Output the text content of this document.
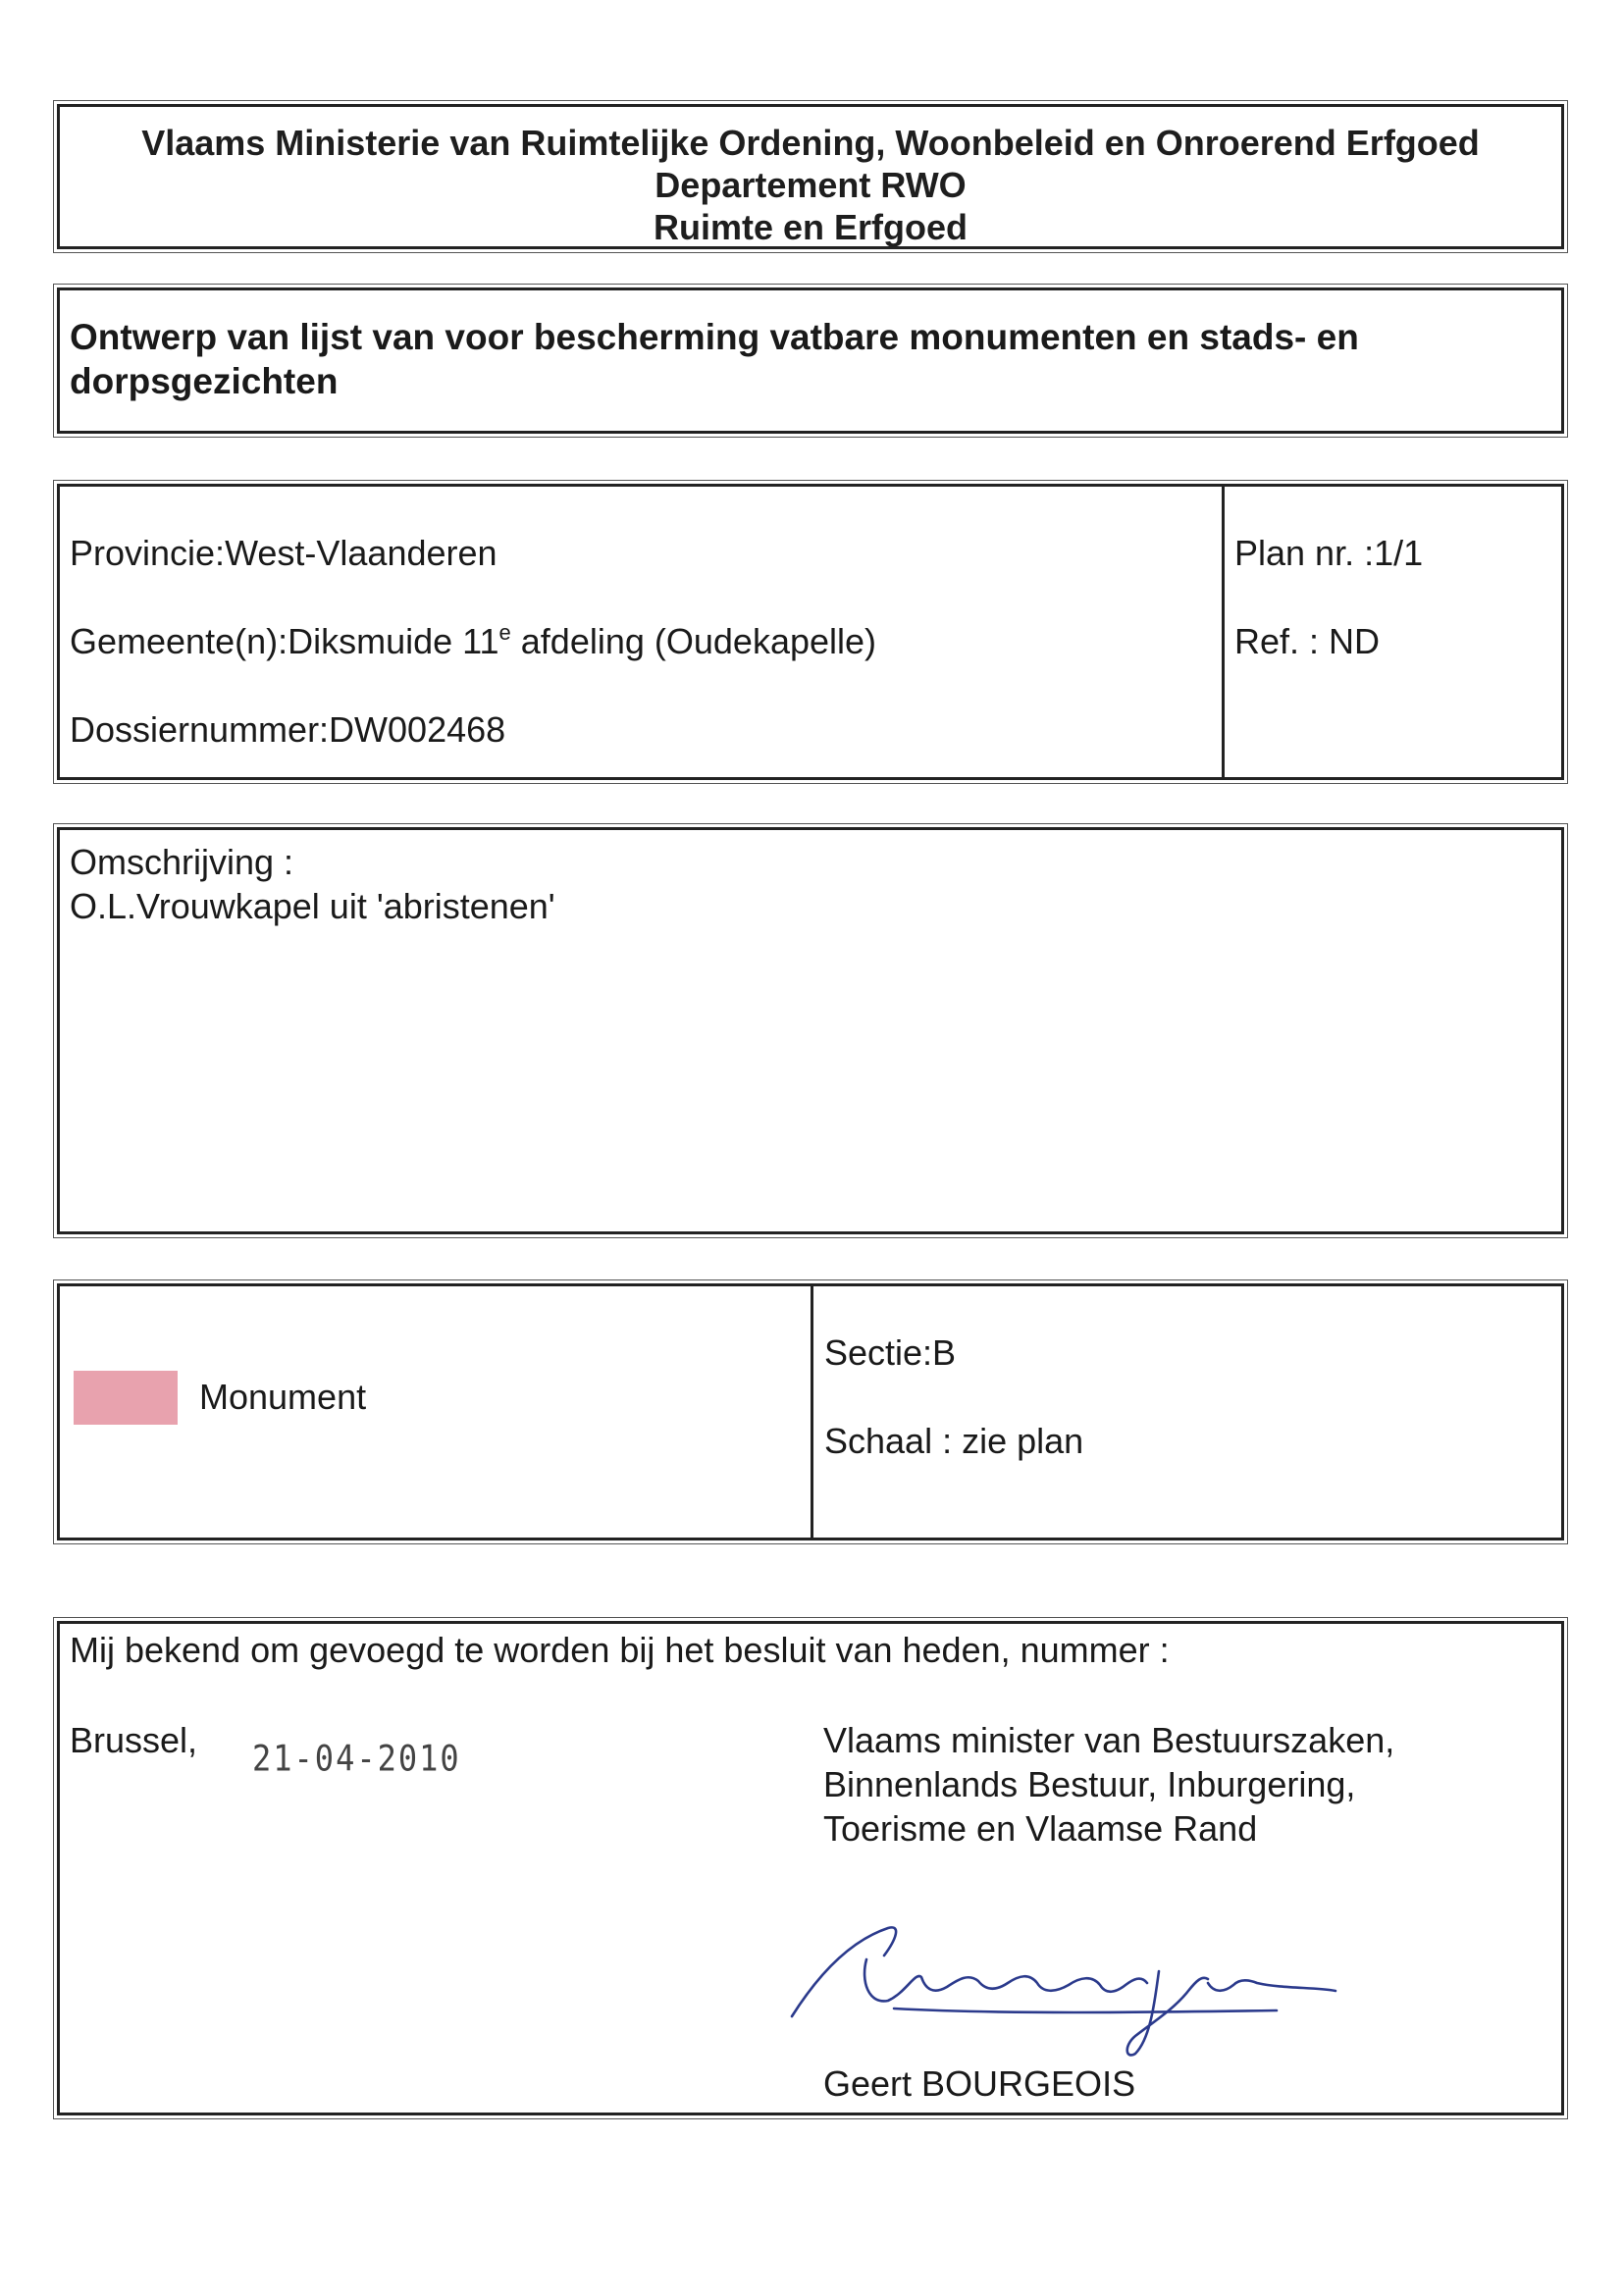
Vlaams Ministerie van Ruimtelijke Ordening, Woonbeleid en Onroerend Erfgoed
Departement RWO
Ruimte en Erfgoed
Ontwerp van lijst van voor bescherming vatbare monumenten en stads- en dorpsgezichten
Provincie:West-Vlaanderen
Gemeente(n):Diksmuide 11e afdeling (Oudekapelle)
Dossiernummer:DW002468
Plan nr. :1/1
Ref. : ND
Omschrijving :
O.L.Vrouwkapel uit 'abristenen'
Monument
Sectie:B
Schaal : zie plan
Mij bekend om gevoegd te worden bij het besluit van heden, nummer :
Brussel, 21-04-2010	Vlaams minister van Bestuurszaken,
Binnenlands Bestuur, Inburgering,
Toerisme en Vlaamse Rand
Geert BOURGEOIS
